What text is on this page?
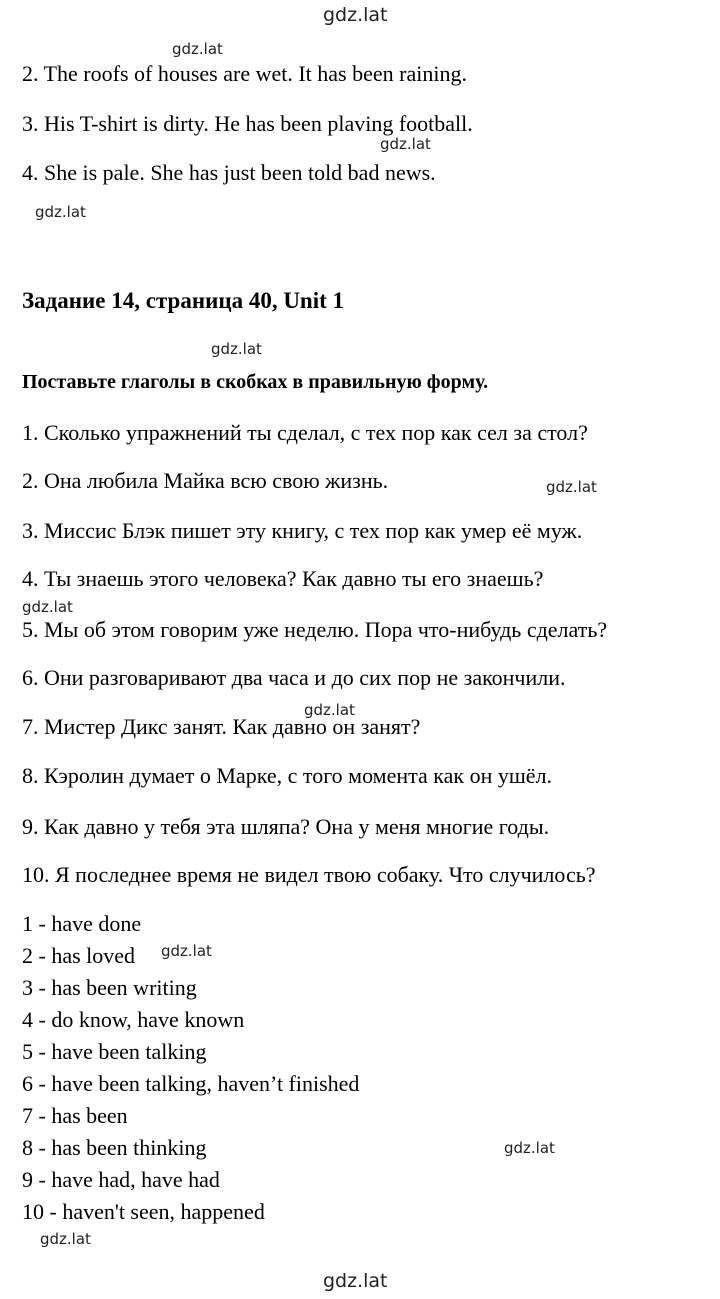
gdz.lat
gdz.lat
gdz.lat
gdz.lat
gdz.lat
gdz.lat
gdz.lat
gdz.lat
gdz.lat
gdz.lat
gdz.lat
gdz.lat
2. The roofs of houses are wet. It has been raining.
3. His T-shirt is dirty. He has been plaving football.
4. She is pale. She has just been told bad news.
Задание 14, страница 40, Unit 1
Поставьте глаголы в скобках в правильную форму.
1. Сколько упражнений ты сделал, с тех пор как сел за стол?
2. Она любила Майка всю свою жизнь.
3. Миссис Блэк пишет эту книгу, с тех пор как умер её муж.
4. Ты знаешь этого человека? Как давно ты его знаешь?
5. Мы об этом говорим уже неделю. Пора что-нибудь сделать?
6. Они разговаривают два часа и до сих пор не закончили.
7. Мистер Дикс занят. Как давно он занят?
8. Кэролин думает о Марке, с того момента как он ушёл.
9. Как давно у тебя эта шляпа? Она у меня многие годы.
10. Я последнее время не видел твою собаку. Что случилось?
1 - have done
2 - has loved
3 - has been writing
4 - do know, have known
5 - have been talking
6 - have been talking, haven’t finished
7 - has been
8 - has been thinking
9 - have had, have had
10 - haven't seen, happened
